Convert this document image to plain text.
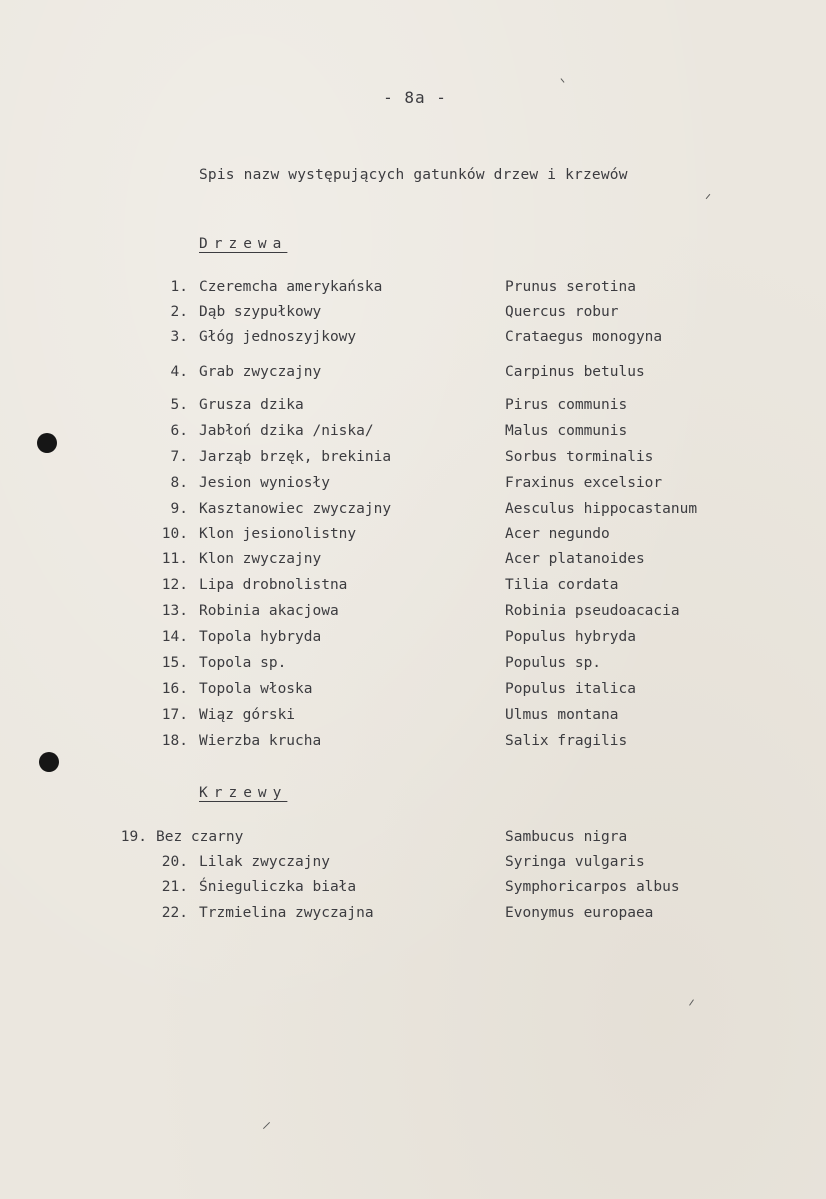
- 8a -
Spis nazw występujących gatunków drzew i krzewów
Drzewa
1. Czeremcha amerykańska	Prunus serotina
2. Dąb szypułkowy	Quercus robur
3. Głóg jednoszyjkowy	Crataegus monogyna
4. Grab zwyczajny	Carpinus betulus
5. Grusza dzika	Pirus communis
6. Jabłoń dzika /niska/	Malus communis
7. Jarząb brzęk, brekinia	Sorbus torminalis
8. Jesion wyniosły	Fraxinus excelsior
9. Kasztanowiec zwyczajny	Aesculus hippocastanum
10. Klon jesionolistny	Acer negundo
11. Klon zwyczajny	Acer platanoides
12. Lipa drobnolistna	Tilia cordata
13. Robinia akacjowa	Robinia pseudoacacia
14. Topola hybryda	Populus hybryda
15. Topola sp.	Populus sp.
16. Topola włoska	Populus italica
17. Wiąz górski	Ulmus montana
18. Wierzba krucha	Salix fragilis
Krzewy
19. Bez czarny	Sambucus nigra
20. Lilak zwyczajny	Syringa vulgaris
21. Śnieguliczka biała	Symphoricarpos albus
22. Trzmielina zwyczajna	Evonymus europaea
